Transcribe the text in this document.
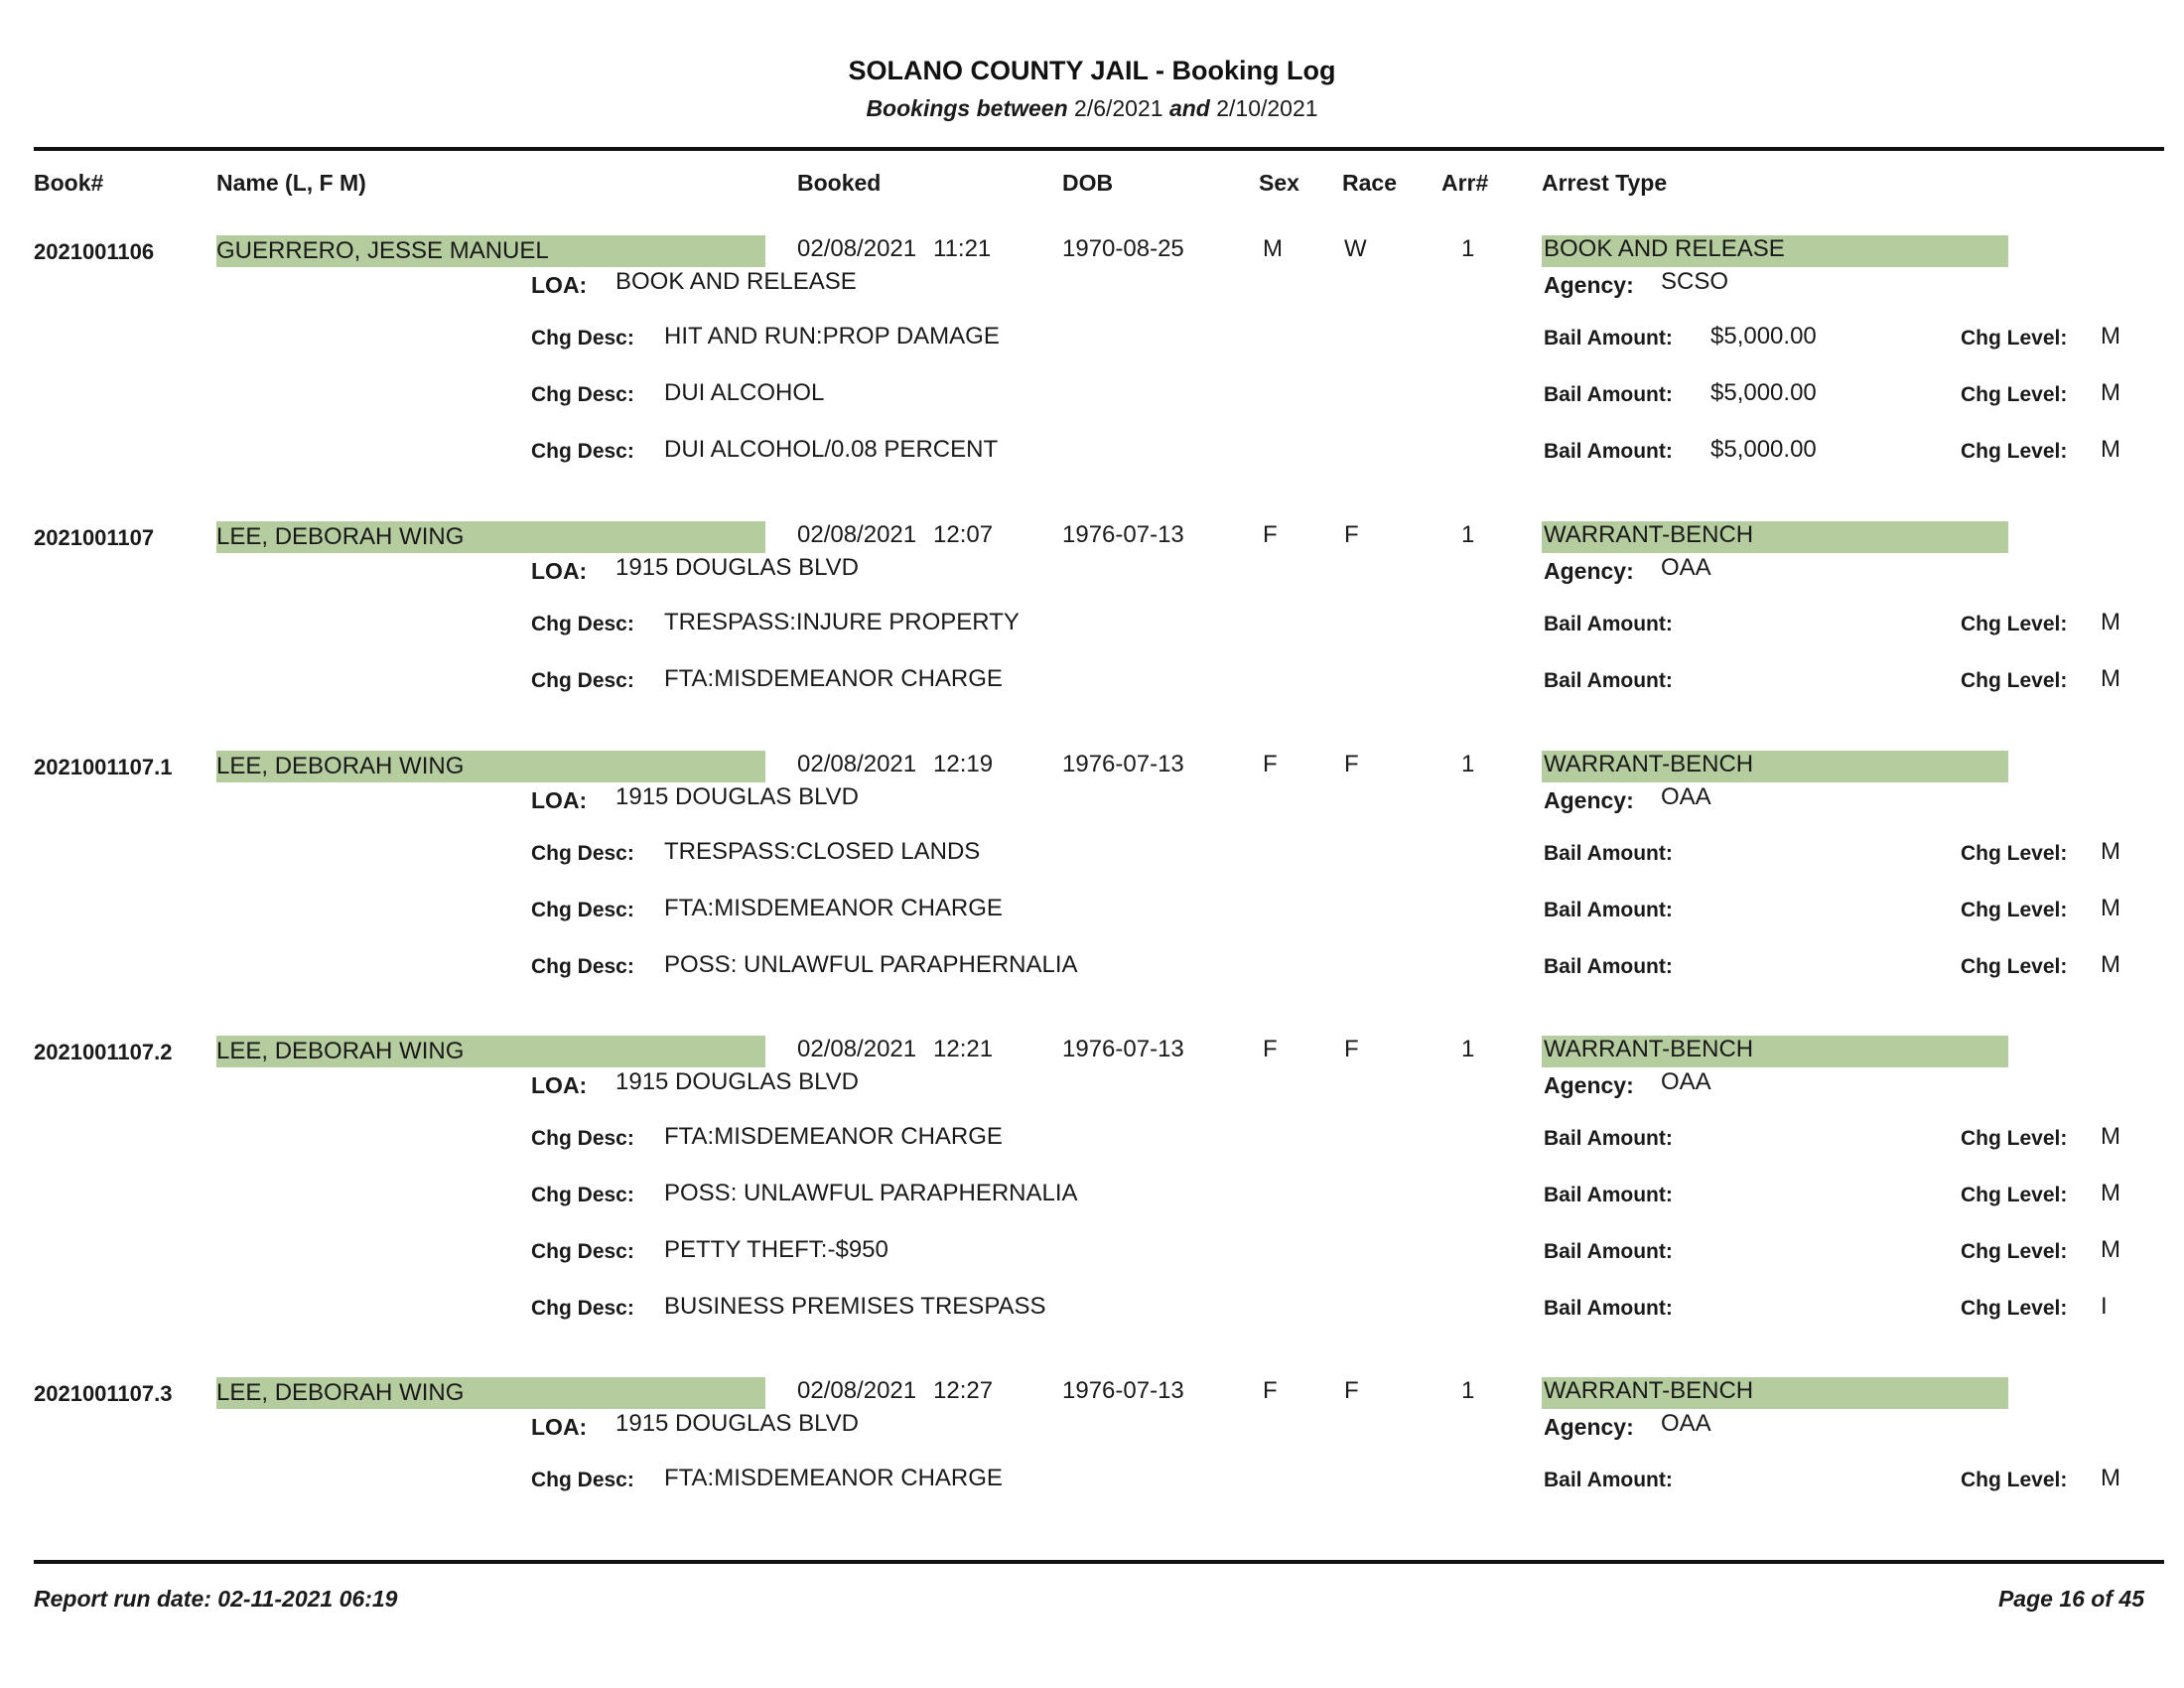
SOLANO COUNTY JAIL - Booking Log
Bookings between 2/6/2021 and 2/10/2021
Book#	Name (L, F M)	Booked	DOB	Sex Race Arr# Arrest Type
2021001106	GUERRERO, JESSE MANUEL	02/08/2021 11:21	1970-08-25	M	W	1	BOOK AND RELEASE
LOA: BOOK AND RELEASE	Agency: SCSO
Chg Desc: HIT AND RUN:PROP DAMAGE	Bail Amount: $5,000.00	Chg Level: M
Chg Desc: DUI ALCOHOL	Bail Amount: $5,000.00	Chg Level: M
Chg Desc: DUI ALCOHOL/0.08 PERCENT	Bail Amount: $5,000.00	Chg Level: M
2021001107	LEE, DEBORAH WING	02/08/2021 12:07	1976-07-13	F	F	1	WARRANT-BENCH
LOA: 1915 DOUGLAS BLVD	Agency: OAA
Chg Desc: TRESPASS:INJURE PROPERTY	Bail Amount:	Chg Level: M
Chg Desc: FTA:MISDEMEANOR CHARGE	Bail Amount:	Chg Level: M
2021001107.1 LEE, DEBORAH WING	02/08/2021 12:19	1976-07-13	F	F	1	WARRANT-BENCH
LOA: 1915 DOUGLAS BLVD	Agency: OAA
Chg Desc: TRESPASS:CLOSED LANDS	Bail Amount:	Chg Level: M
Chg Desc: FTA:MISDEMEANOR CHARGE	Bail Amount:	Chg Level: M
Chg Desc: POSS: UNLAWFUL PARAPHERNALIA	Bail Amount:	Chg Level: M
2021001107.2 LEE, DEBORAH WING	02/08/2021 12:21	1976-07-13	F	F	1	WARRANT-BENCH
LOA: 1915 DOUGLAS BLVD	Agency: OAA
Chg Desc: FTA:MISDEMEANOR CHARGE	Bail Amount:	Chg Level: M
Chg Desc: POSS: UNLAWFUL PARAPHERNALIA	Bail Amount:	Chg Level: M
Chg Desc: PETTY THEFT:-$950	Bail Amount:	Chg Level: M
Chg Desc: BUSINESS PREMISES TRESPASS	Bail Amount:	Chg Level: I
2021001107.3 LEE, DEBORAH WING	02/08/2021 12:27	1976-07-13	F	F	1	WARRANT-BENCH
LOA: 1915 DOUGLAS BLVD	Agency: OAA
Chg Desc: FTA:MISDEMEANOR CHARGE	Bail Amount:	Chg Level: M
Report run date: 02-11-2021 06:19	Page 16 of 45
